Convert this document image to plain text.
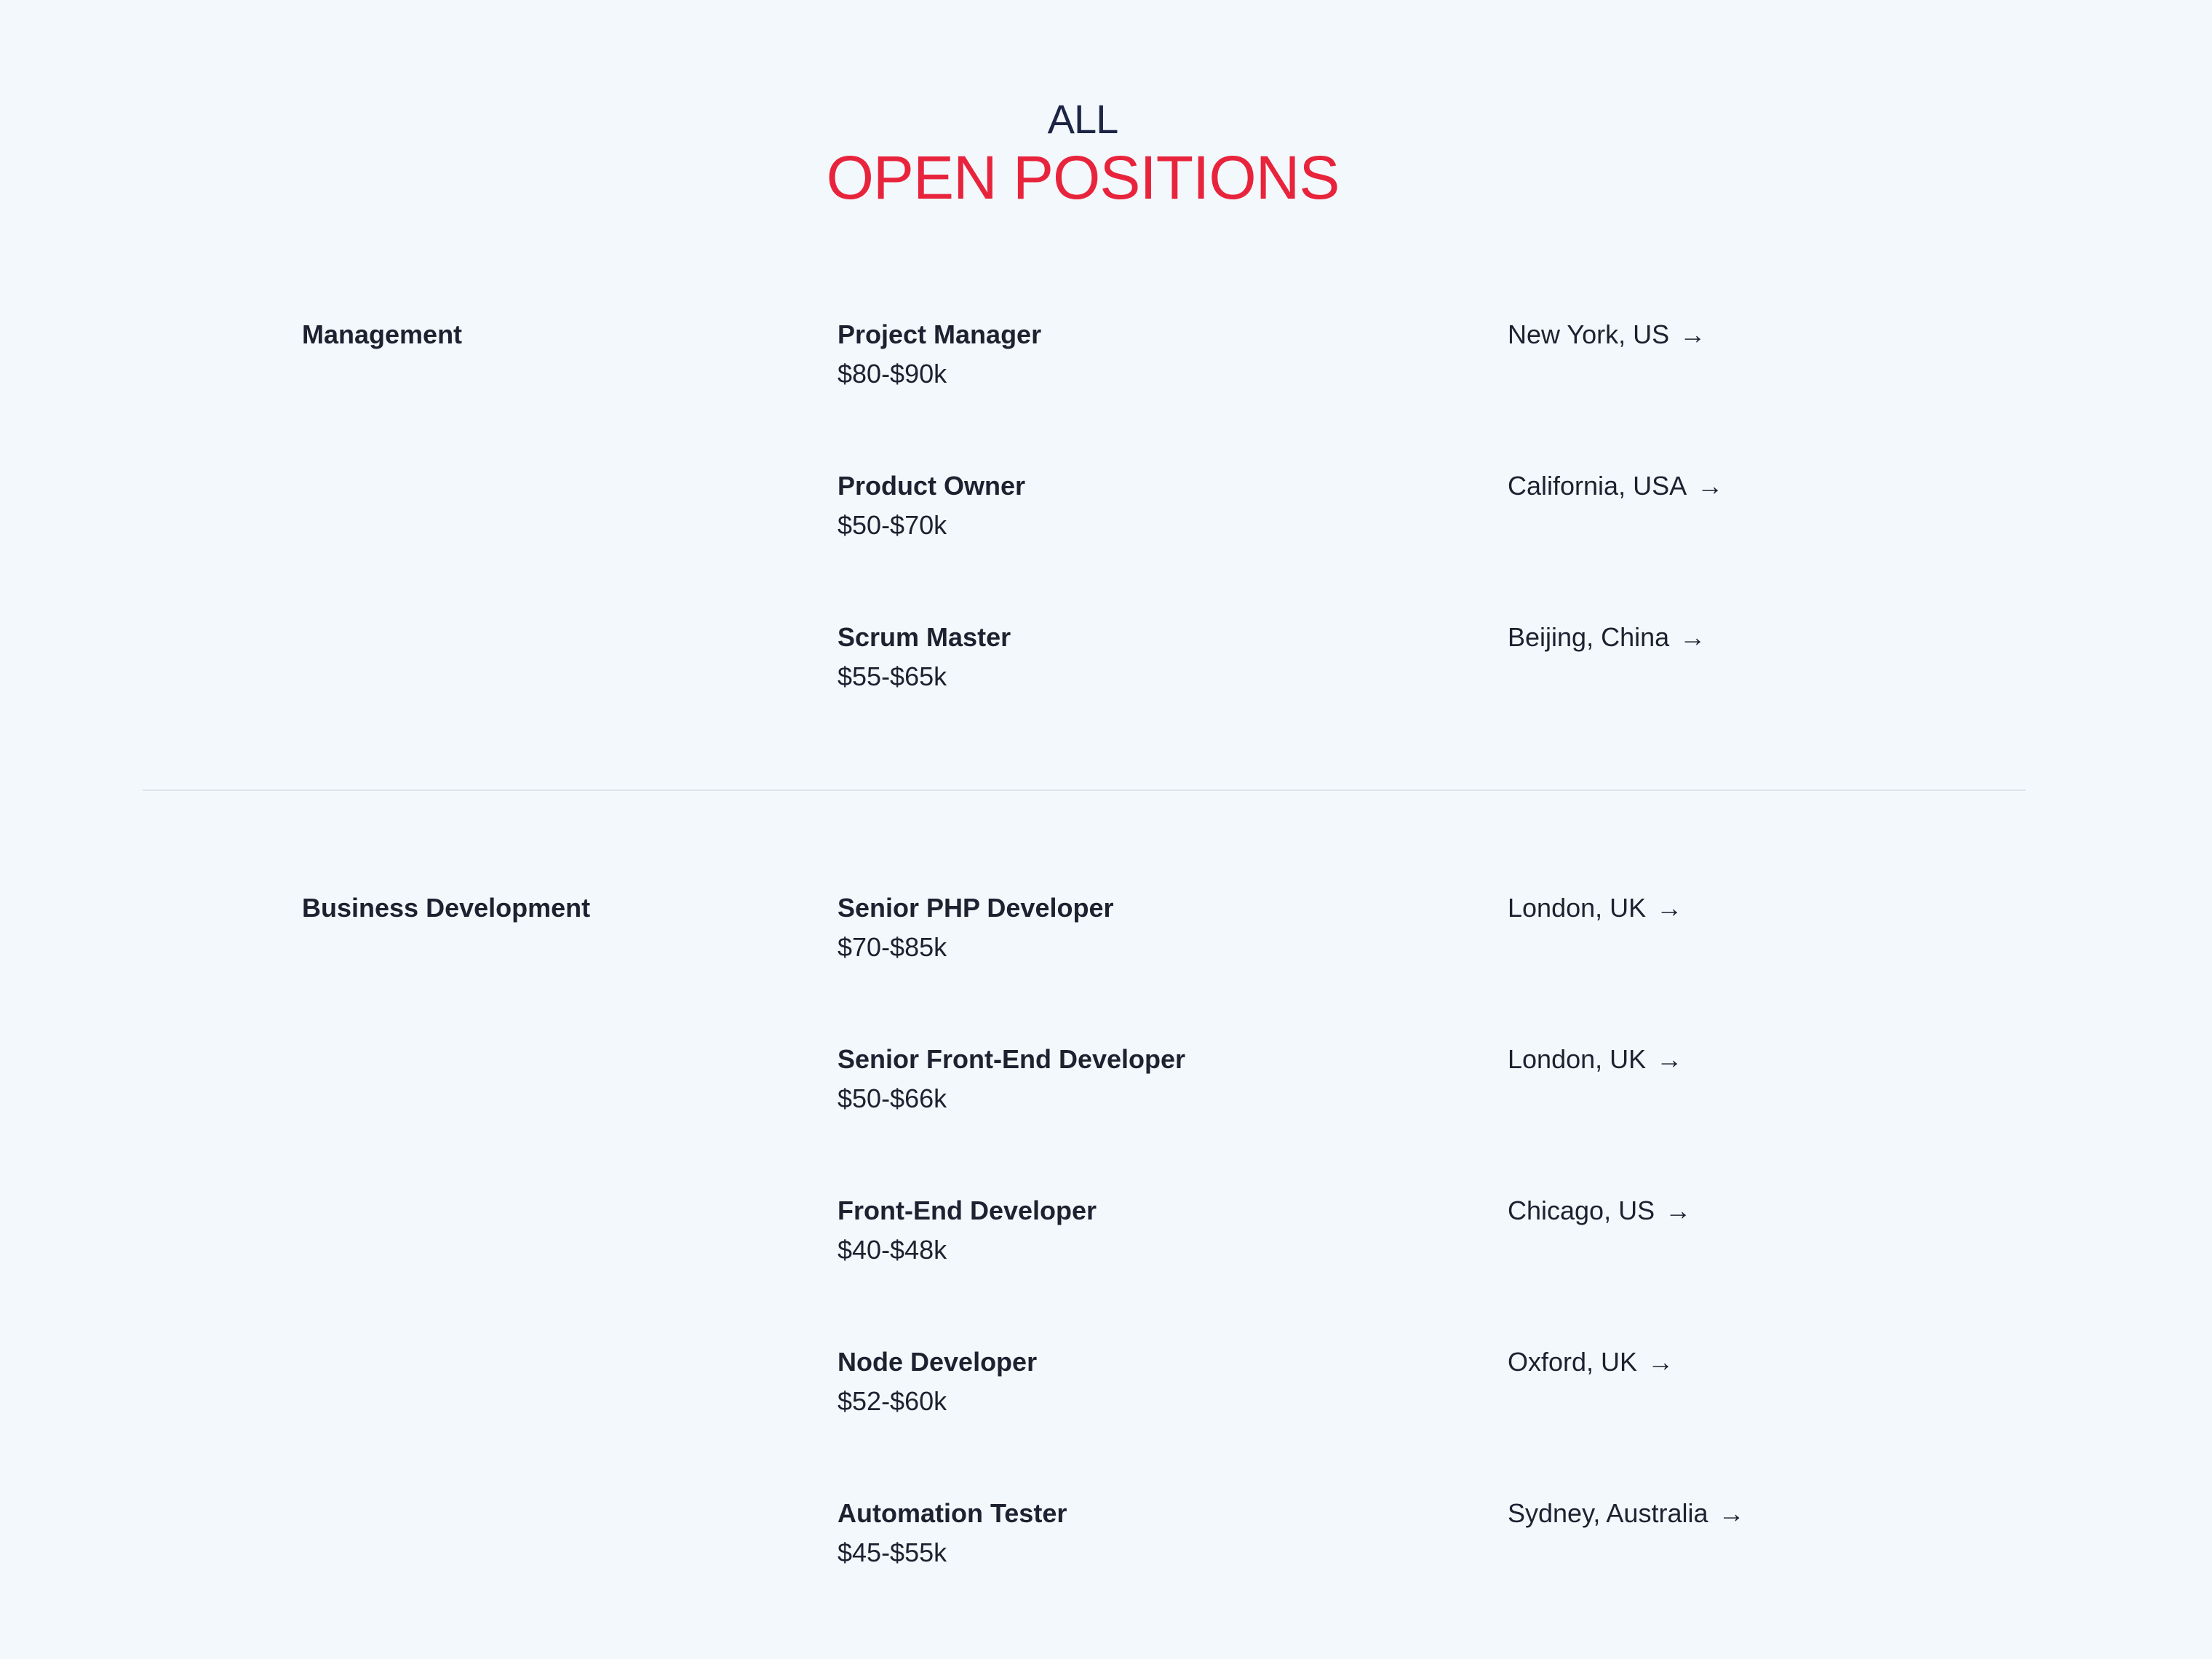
ALL
OPEN POSITIONS
Management	Project Manager
$80-$90k
New York, US →
Product Owner
$50-$70k
California, USA →
Scrum Master
$55-$65k
Beijing, China →
Business Development	Senior PHP Developer
$70-$85k
London, UK →
Senior Front-End Developer
$50-$66k
London, UK →
Front-End Developer
$40-$48k
Chicago, US →
Node Developer
$52-$60k
Oxford, UK →
Automation Tester
$45-$55k
Sydney, Australia →
